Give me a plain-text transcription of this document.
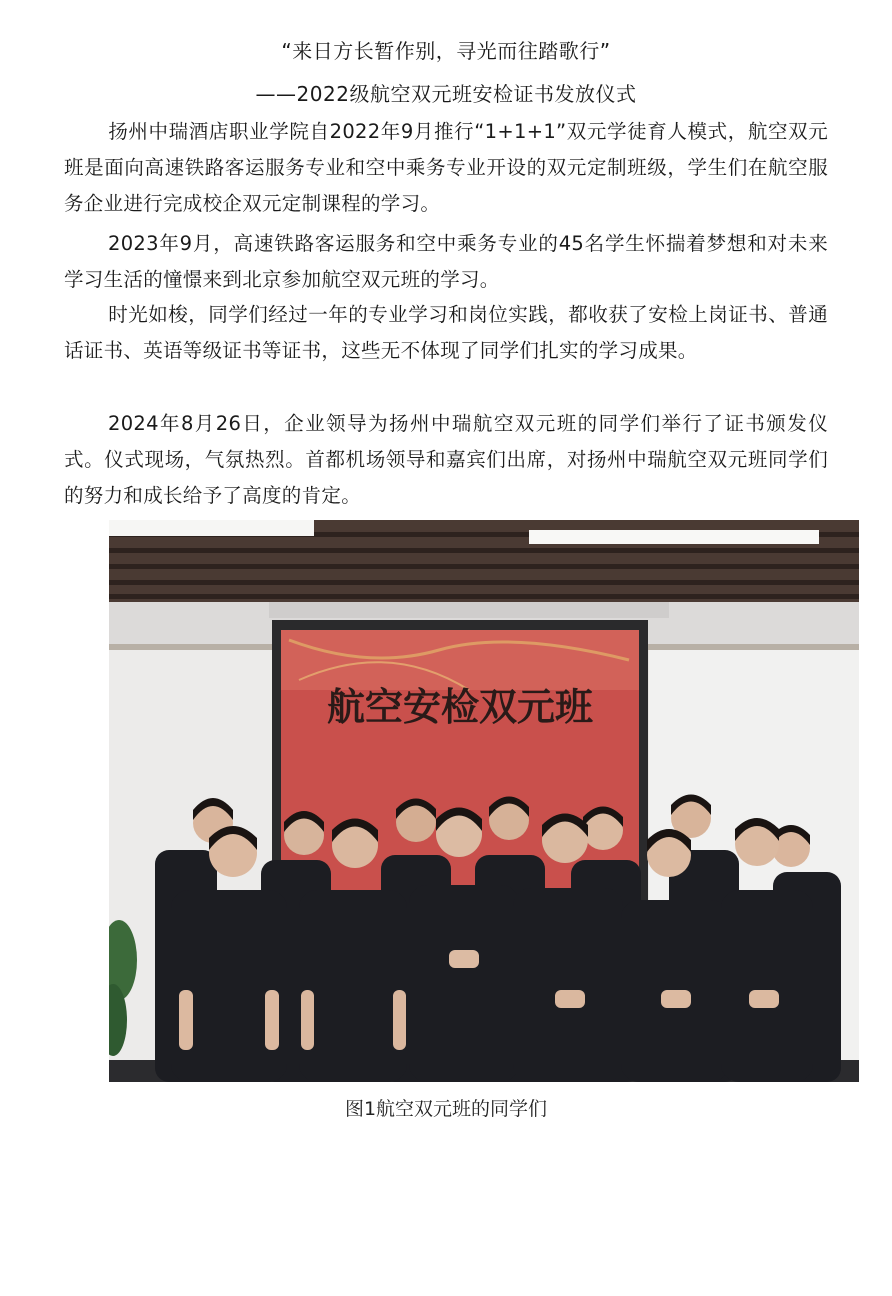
“来日方长暂作别，寻光而往踏歌行”
——2022级航空双元班安检证书发放仪式

扬州中瑞酒店职业学院自2022年9月推行“1+1+1”双元学徒育人模式，航空双元班是面向高速铁路客运服务专业和空中乘务专业开设的双元定制班级，学生们在航空服务企业进行完成校企双元定制课程的学习。

2023年9月，高速铁路客运服务和空中乘务专业的45名学生怀揣着梦想和对未来学习生活的憧憬来到北京参加航空双元班的学习。

时光如梭，同学们经过一年的专业学习和岗位实践，都收获了安检上岗证书、普通话证书、英语等级证书等证书，这些无不体现了同学们扎实的学习成果。

2024年8月26日，企业领导为扬州中瑞航空双元班的同学们举行了证书颁发仪式。仪式现场，气氛热烈。首都机场领导和嘉宾们出席，对扬州中瑞航空双元班同学们的努力和成长给予了高度的肯定。

航空安检双元班
图1航空双元班的同学们
